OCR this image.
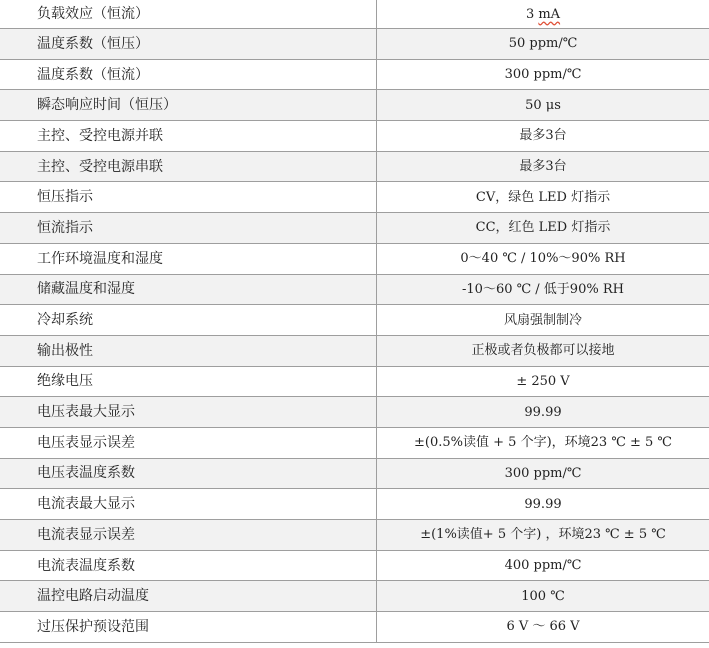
负载效应（恒流）	3 mA
温度系数（恒压）	50 ppm/℃
温度系数（恒流）	300 ppm/℃
瞬态响应时间（恒压）	50 μs
主控、受控电源并联	最多3台
主控、受控电源串联	最多3台
恒压指示	CV，绿色 LED 灯指示
恒流指示	CC，红色 LED 灯指示
工作环境温度和湿度	0～40 ℃ / 10%～90% RH
储藏温度和湿度	-10～60 ℃ / 低于90% RH
冷却系统	风扇强制制冷
输出极性	正极或者负极都可以接地
绝缘电压	± 250 V
电压表最大显示	99.99
电压表显示误差	±(0.5%读值 + 5 个字)，环境23 ℃ ± 5 ℃
电压表温度系数	300 ppm/℃
电流表最大显示	99.99
电流表显示误差	±(1%读值+ 5 个字) ，环境23 ℃ ± 5 ℃
电流表温度系数	400 ppm/℃
温控电路启动温度	100 ℃
过压保护预设范围	6 V ～ 66 V
